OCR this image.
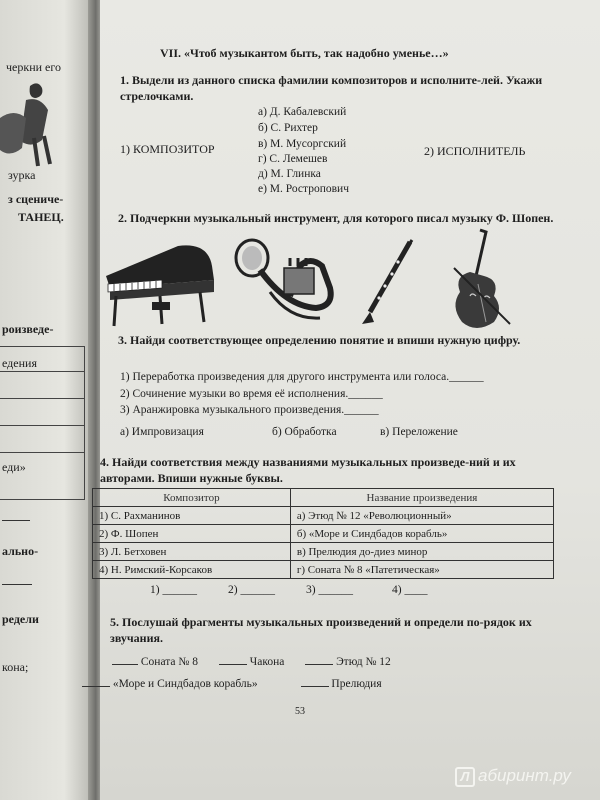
черкни его
зурка
з сцениче-
ТАНЕЦ.
роизведе-
едения
еди»
ально-
редели
кона;
VII. «Чтоб музыкантом быть, так надобно уменье…»
1. Выдели из данного списка фамилии композиторов и исполните-лей. Укажи стрелочками.
1) КОМПОЗИТОР	2) ИСПОЛНИТЕЛЬ
а) Д. Кабалевский
б) С. Рихтер
в) М. Мусоргский
г) С. Лемешев
д) М. Глинка
е) М. Ростропович
2. Подчеркни музыкальный инструмент, для которого писал музыку Ф. Шопен.
3. Найди соответствующее определению понятие и впиши нужную цифру.
1) Переработка произведения для другого инструмента или голоса.______
2) Сочинение музыки во время её исполнения.______
3) Аранжировка музыкального произведения.______
а) Импровизация	б) Обработка	в) Переложение
4. Найди соответствия между названиями музыкальных произведе-ний и их авторами. Впиши нужные буквы.
Композитор	Название произведения
1) С. Рахманинов	а) Этюд № 12 «Революционный»
2) Ф. Шопен	б) «Море и Синдбадов корабль»
3) Л. Бетховен	в) Прелюдия до-диез минор
4) Н. Римский-Корсаков	г) Соната № 8 «Патетическая»
1) ______	2) ______	3) ______	4) ____
5. Послушай фрагменты музыкальных произведений и определи по-рядок их звучания.
Соната № 8	Чакона	Этюд № 12
«Море и Синдбадов корабль»	Прелюдия
53
Л абиринт.ру
